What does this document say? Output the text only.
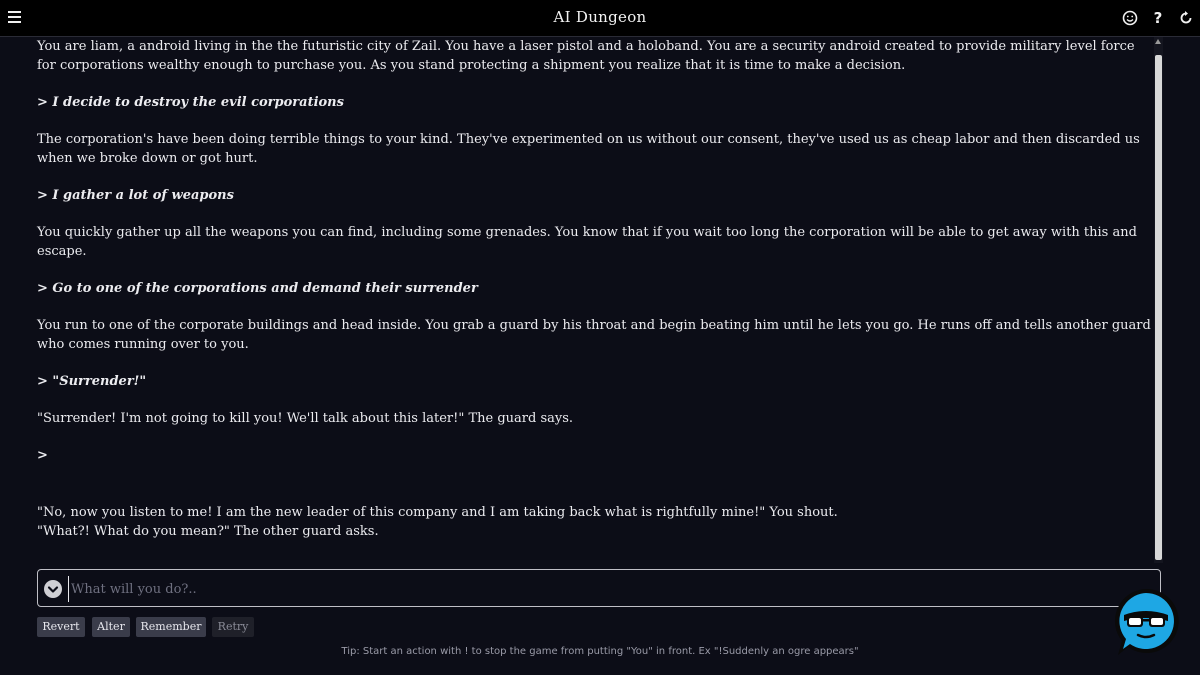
AI Dungeon	?

You are liam, a android living in the the futuristic city of Zail. You have a laser pistol and a holoband. You are a security android created to provide military level force for corporations wealthy enough to purchase you. As you stand protecting a shipment you realize that it is time to make a decision.

> I decide to destroy the evil corporations

The corporation's have been doing terrible things to your kind. They've experimented on us without our consent, they've used us as cheap labor and then discarded us when we broke down or got hurt.

> I gather a lot of weapons

You quickly gather up all the weapons you can find, including some grenades. You know that if you wait too long the corporation will be able to get away with this and escape.

> Go to one of the corporations and demand their surrender

You run to one of the corporate buildings and head inside. You grab a guard by his throat and begin beating him until he lets you go. He runs off and tells another guard who comes running over to you.

> "Surrender!"

"Surrender! I'm not going to kill you! We'll talk about this later!" The guard says.

>

"No, now you listen to me! I am the new leader of this company and I am taking back what is rightfully mine!" You shout.

"What?! What do you mean?" The other guard asks.

What will you do?..
Revert	Alter	Remember	Retry
Tip: Start an action with ! to stop the game from putting "You" in front. Ex "!Suddenly an ogre appears"
